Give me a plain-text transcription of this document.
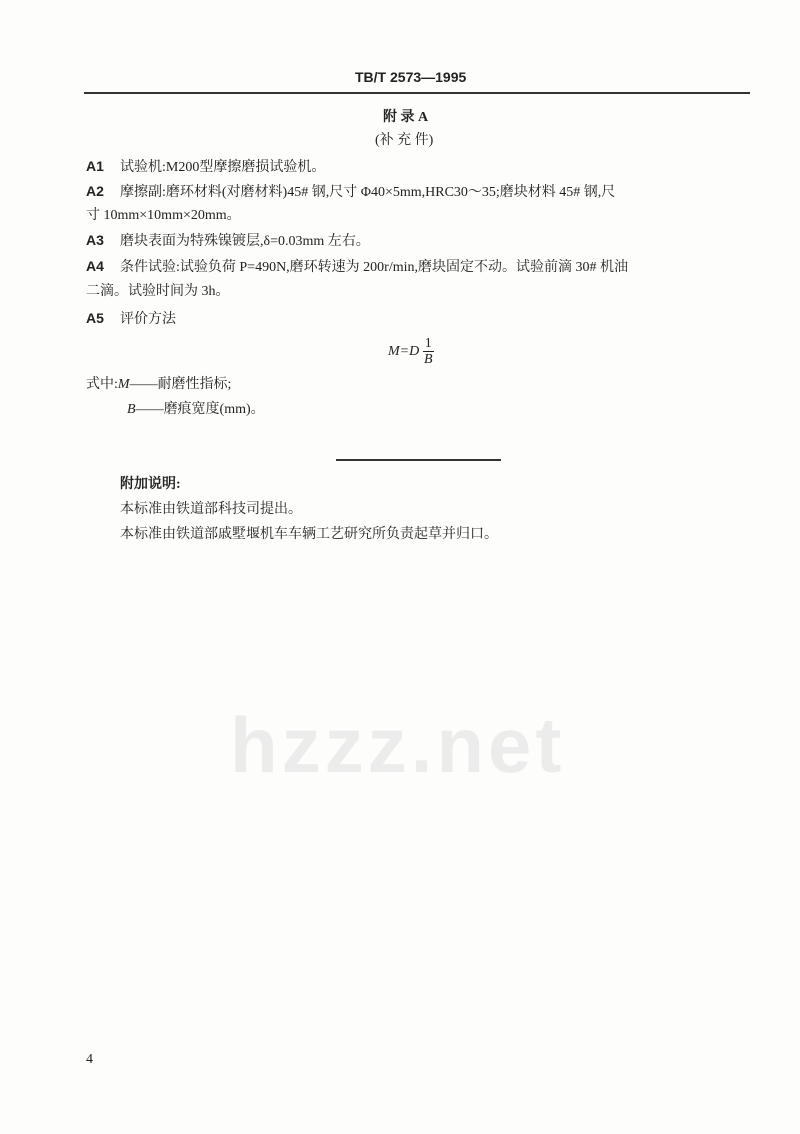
hzzz.net
TB/T 2573—1995
附 录 A
(补 充 件)
A1 试验机:M200型摩擦磨损试验机。
A2 摩擦副:磨环材料(对磨材料)45# 钢,尺寸 Φ40×5mm,HRC30～35;磨块材料 45# 钢,尺
寸 10mm×10mm×20mm。
A3 磨块表面为特殊镍镀层,δ=0.03mm 左右。
A4 条件试验:试验负荷 P=490N,磨环转速为 200r/min,磨块固定不动。试验前滴 30# 机油
二滴。试验时间为 3h。
A5 评价方法
$M=D \frac{1}{B}$
式中:M——耐磨性指标;
B——磨痕宽度(mm)。
附加说明:
本标准由铁道部科技司提出。
本标准由铁道部戚墅堰机车车辆工艺研究所负责起草并归口。
4
